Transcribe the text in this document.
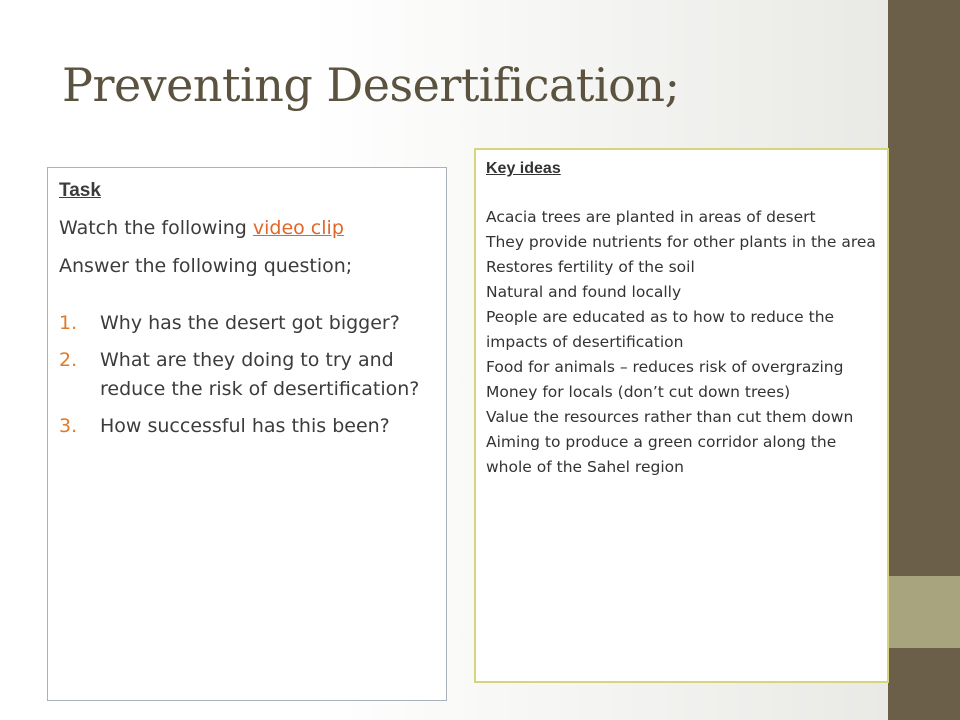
Preventing Desertification;
Task

Watch the following video clip

Answer the following question;

1.	Why has the desert got bigger?
2.	What are they doing to try and reduce the risk of desertification?
3.	How successful has this been?
Key ideas

Acacia trees are planted in areas of desert

They provide nutrients for other plants in the area

Restores fertility of the soil

Natural and found locally

People are educated as to how to reduce the impacts of desertification

Food for animals – reduces risk of overgrazing

Money for locals (don’t cut down trees)

Value the resources rather than cut them down

Aiming to produce a green corridor along the whole of the Sahel region
